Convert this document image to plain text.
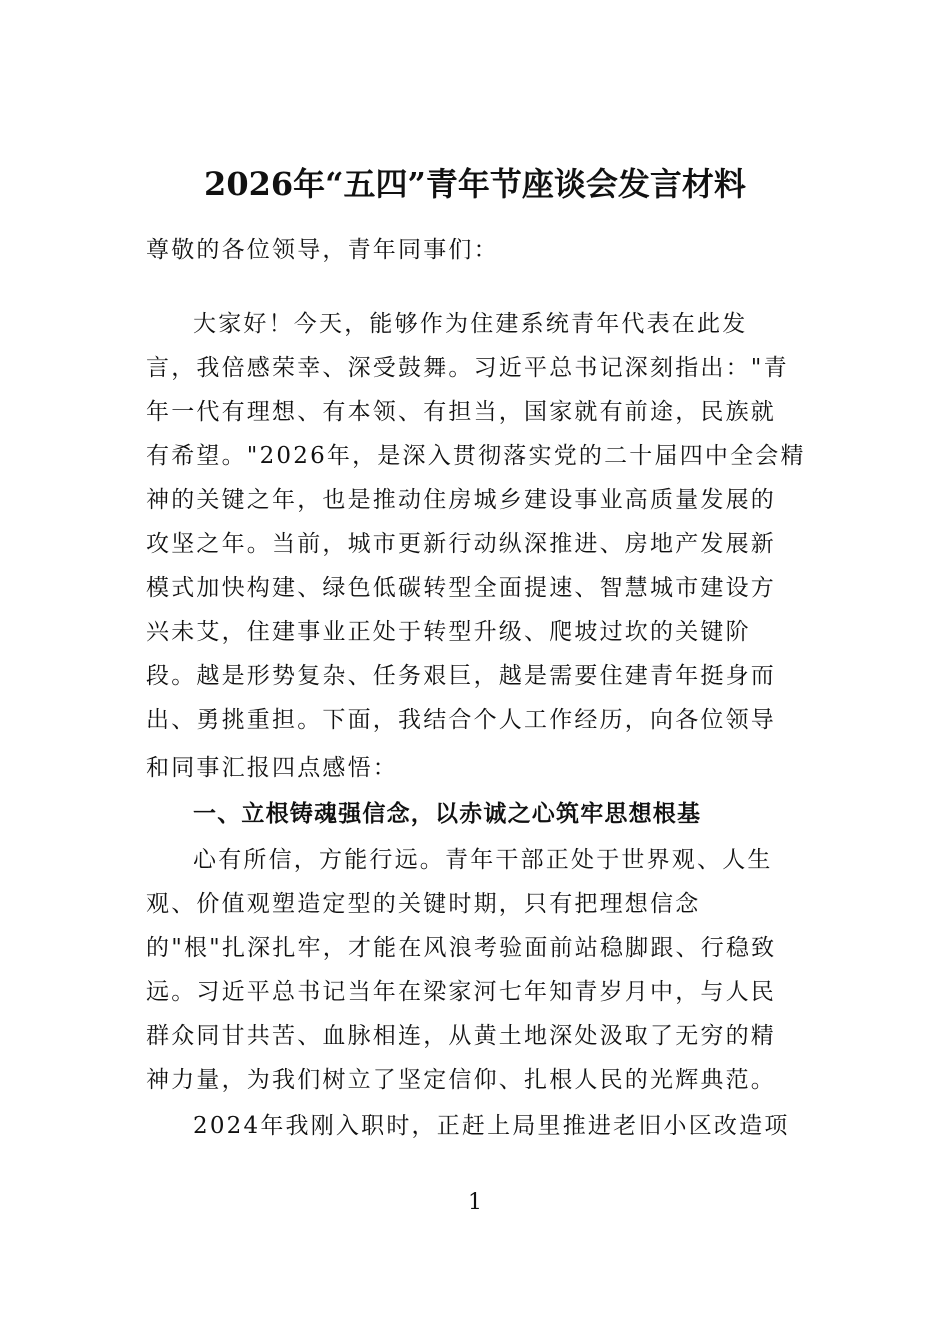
2026年“五四”青年节座谈会发言材料
尊敬的各位领导，青年同事们：
大家好！今天，能够作为住建系统青年代表在此发
言，我倍感荣幸、深受鼓舞。习近平总书记深刻指出："青
年一代有理想、有本领、有担当，国家就有前途，民族就
有希望。"2026年，是深入贯彻落实党的二十届四中全会精
神的关键之年，也是推动住房城乡建设事业高质量发展的
攻坚之年。当前，城市更新行动纵深推进、房地产发展新
模式加快构建、绿色低碳转型全面提速、智慧城市建设方
兴未艾，住建事业正处于转型升级、爬坡过坎的关键阶
段。越是形势复杂、任务艰巨，越是需要住建青年挺身而
出、勇挑重担。下面，我结合个人工作经历，向各位领导
和同事汇报四点感悟：
一、立根铸魂强信念，以赤诚之心筑牢思想根基
心有所信，方能行远。青年干部正处于世界观、人生
观、价值观塑造定型的关键时期，只有把理想信念
的"根"扎深扎牢，才能在风浪考验面前站稳脚跟、行稳致
远。习近平总书记当年在梁家河七年知青岁月中，与人民
群众同甘共苦、血脉相连，从黄土地深处汲取了无穷的精
神力量，为我们树立了坚定信仰、扎根人民的光辉典范。
2024年我刚入职时，正赶上局里推进老旧小区改造项
1
